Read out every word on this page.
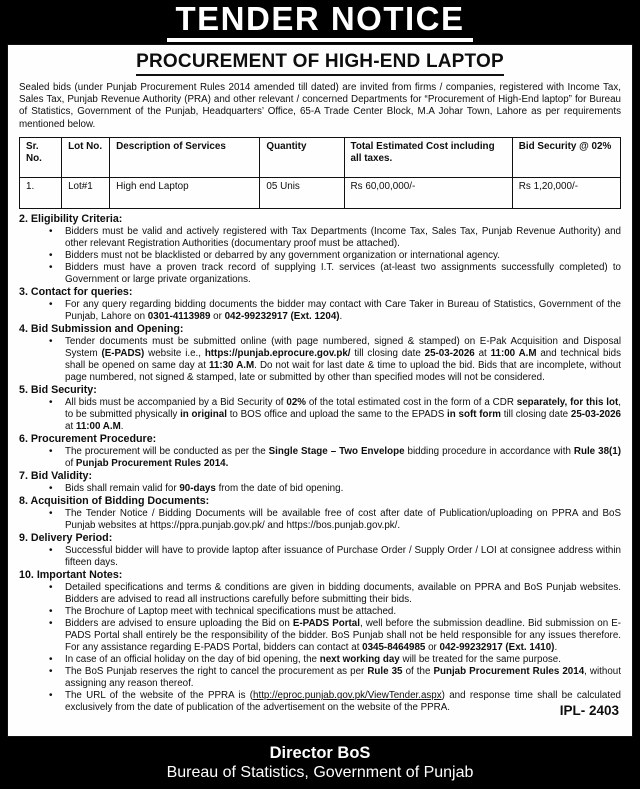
TENDER NOTICE
PROCUREMENT OF HIGH-END LAPTOP

Sealed bids (under Punjab Procurement Rules 2014 amended till dated) are invited from firms / companies, registered with Income Tax, Sales Tax, Punjab Revenue Authority (PRA) and other relevant / concerned Departments for “Procurement of High-End laptop” for Bureau of Statistics, Government of the Punjab, Headquarters’ Office, 65-A Trade Center Block, M.A Johar Town, Lahore as per requirements mentioned below.

Sr. No.	Lot No.	Description of Services	Quantity	Total Estimated Cost including all taxes.	Bid Security @ 02%
1.	Lot#1	High end Laptop	05 Unis	Rs 60,00,000/-	Rs 1,20,000/-
2. Eligibility Criteria:
• Bidders must be valid and actively registered with Tax Departments (Income Tax, Sales Tax, Punjab Revenue Authority) and other relevant Registration Authorities (documentary proof must be attached).
• Bidders must not be blacklisted or debarred by any government organization or international agency.
• Bidders must have a proven track record of supplying I.T. services (at-least two assignments successfully completed) to Government or large private organizations.
3. Contact for queries:
• For any query regarding bidding documents the bidder may contact with Care Taker in Bureau of Statistics, Government of the Punjab, Lahore on 0301-4113989 or 042-99232917 (Ext. 1204).
4. Bid Submission and Opening:
• Tender documents must be submitted online (with page numbered, signed & stamped) on E-Pak Acquisition and Disposal System (E-PADS) website i.e., https://punjab.eprocure.gov.pk/ till closing date 25-03-2026 at 11:00 A.M and technical bids shall be opened on same day at 11:30 A.M. Do not wait for last date & time to upload the bid. Bids that are incomplete, without page numbered, not signed & stamped, late or submitted by other than specified modes will not be considered.
5. Bid Security:
• All bids must be accompanied by a Bid Security of 02% of the total estimated cost in the form of a CDR separately, for this lot, to be submitted physically in original to BOS office and upload the same to the EPADS in soft form till closing date 25-03-2026 at 11:00 A.M.
6. Procurement Procedure:
• The procurement will be conducted as per the Single Stage – Two Envelope bidding procedure in accordance with Rule 38(1) of Punjab Procurement Rules 2014.
7. Bid Validity:
• Bids shall remain valid for 90-days from the date of bid opening.
8. Acquisition of Bidding Documents:
• The Tender Notice / Bidding Documents will be available free of cost after date of Publication/uploading on PPRA and BoS Punjab websites at https://ppra.punjab.gov.pk/ and https://bos.punjab.gov.pk/.
9. Delivery Period:
• Successful bidder will have to provide laptop after issuance of Purchase Order / Supply Order / LOI at consignee address within fifteen days.
10. Important Notes:
• Detailed specifications and terms & conditions are given in bidding documents, available on PPRA and BoS Punjab websites. Bidders are advised to read all instructions carefully before submitting their bids.
• The Brochure of Laptop meet with technical specifications must be attached.
• Bidders are advised to ensure uploading the Bid on E-PADS Portal, well before the submission deadline. Bid submission on E-PADS Portal shall entirely be the responsibility of the bidder. BoS Punjab shall not be held responsible for any issues therefore. For any assistance regarding E-PADS Portal, bidders can contact at 0345-8464985 or 042-99232917 (Ext. 1410).
• In case of an official holiday on the day of bid opening, the next working day will be treated for the same purpose.
• The BoS Punjab reserves the right to cancel the procurement as per Rule 35 of the Punjab Procurement Rules 2014, without assigning any reason thereof.
• The URL of the website of the PPRA is (http://eproc.punjab.gov.pk/ViewTender.aspx) and response time shall be calculated exclusively from the date of publication of the advertisement on the website of the PPRA.	IPL- 2403
Director BoS
Bureau of Statistics, Government of Punjab
